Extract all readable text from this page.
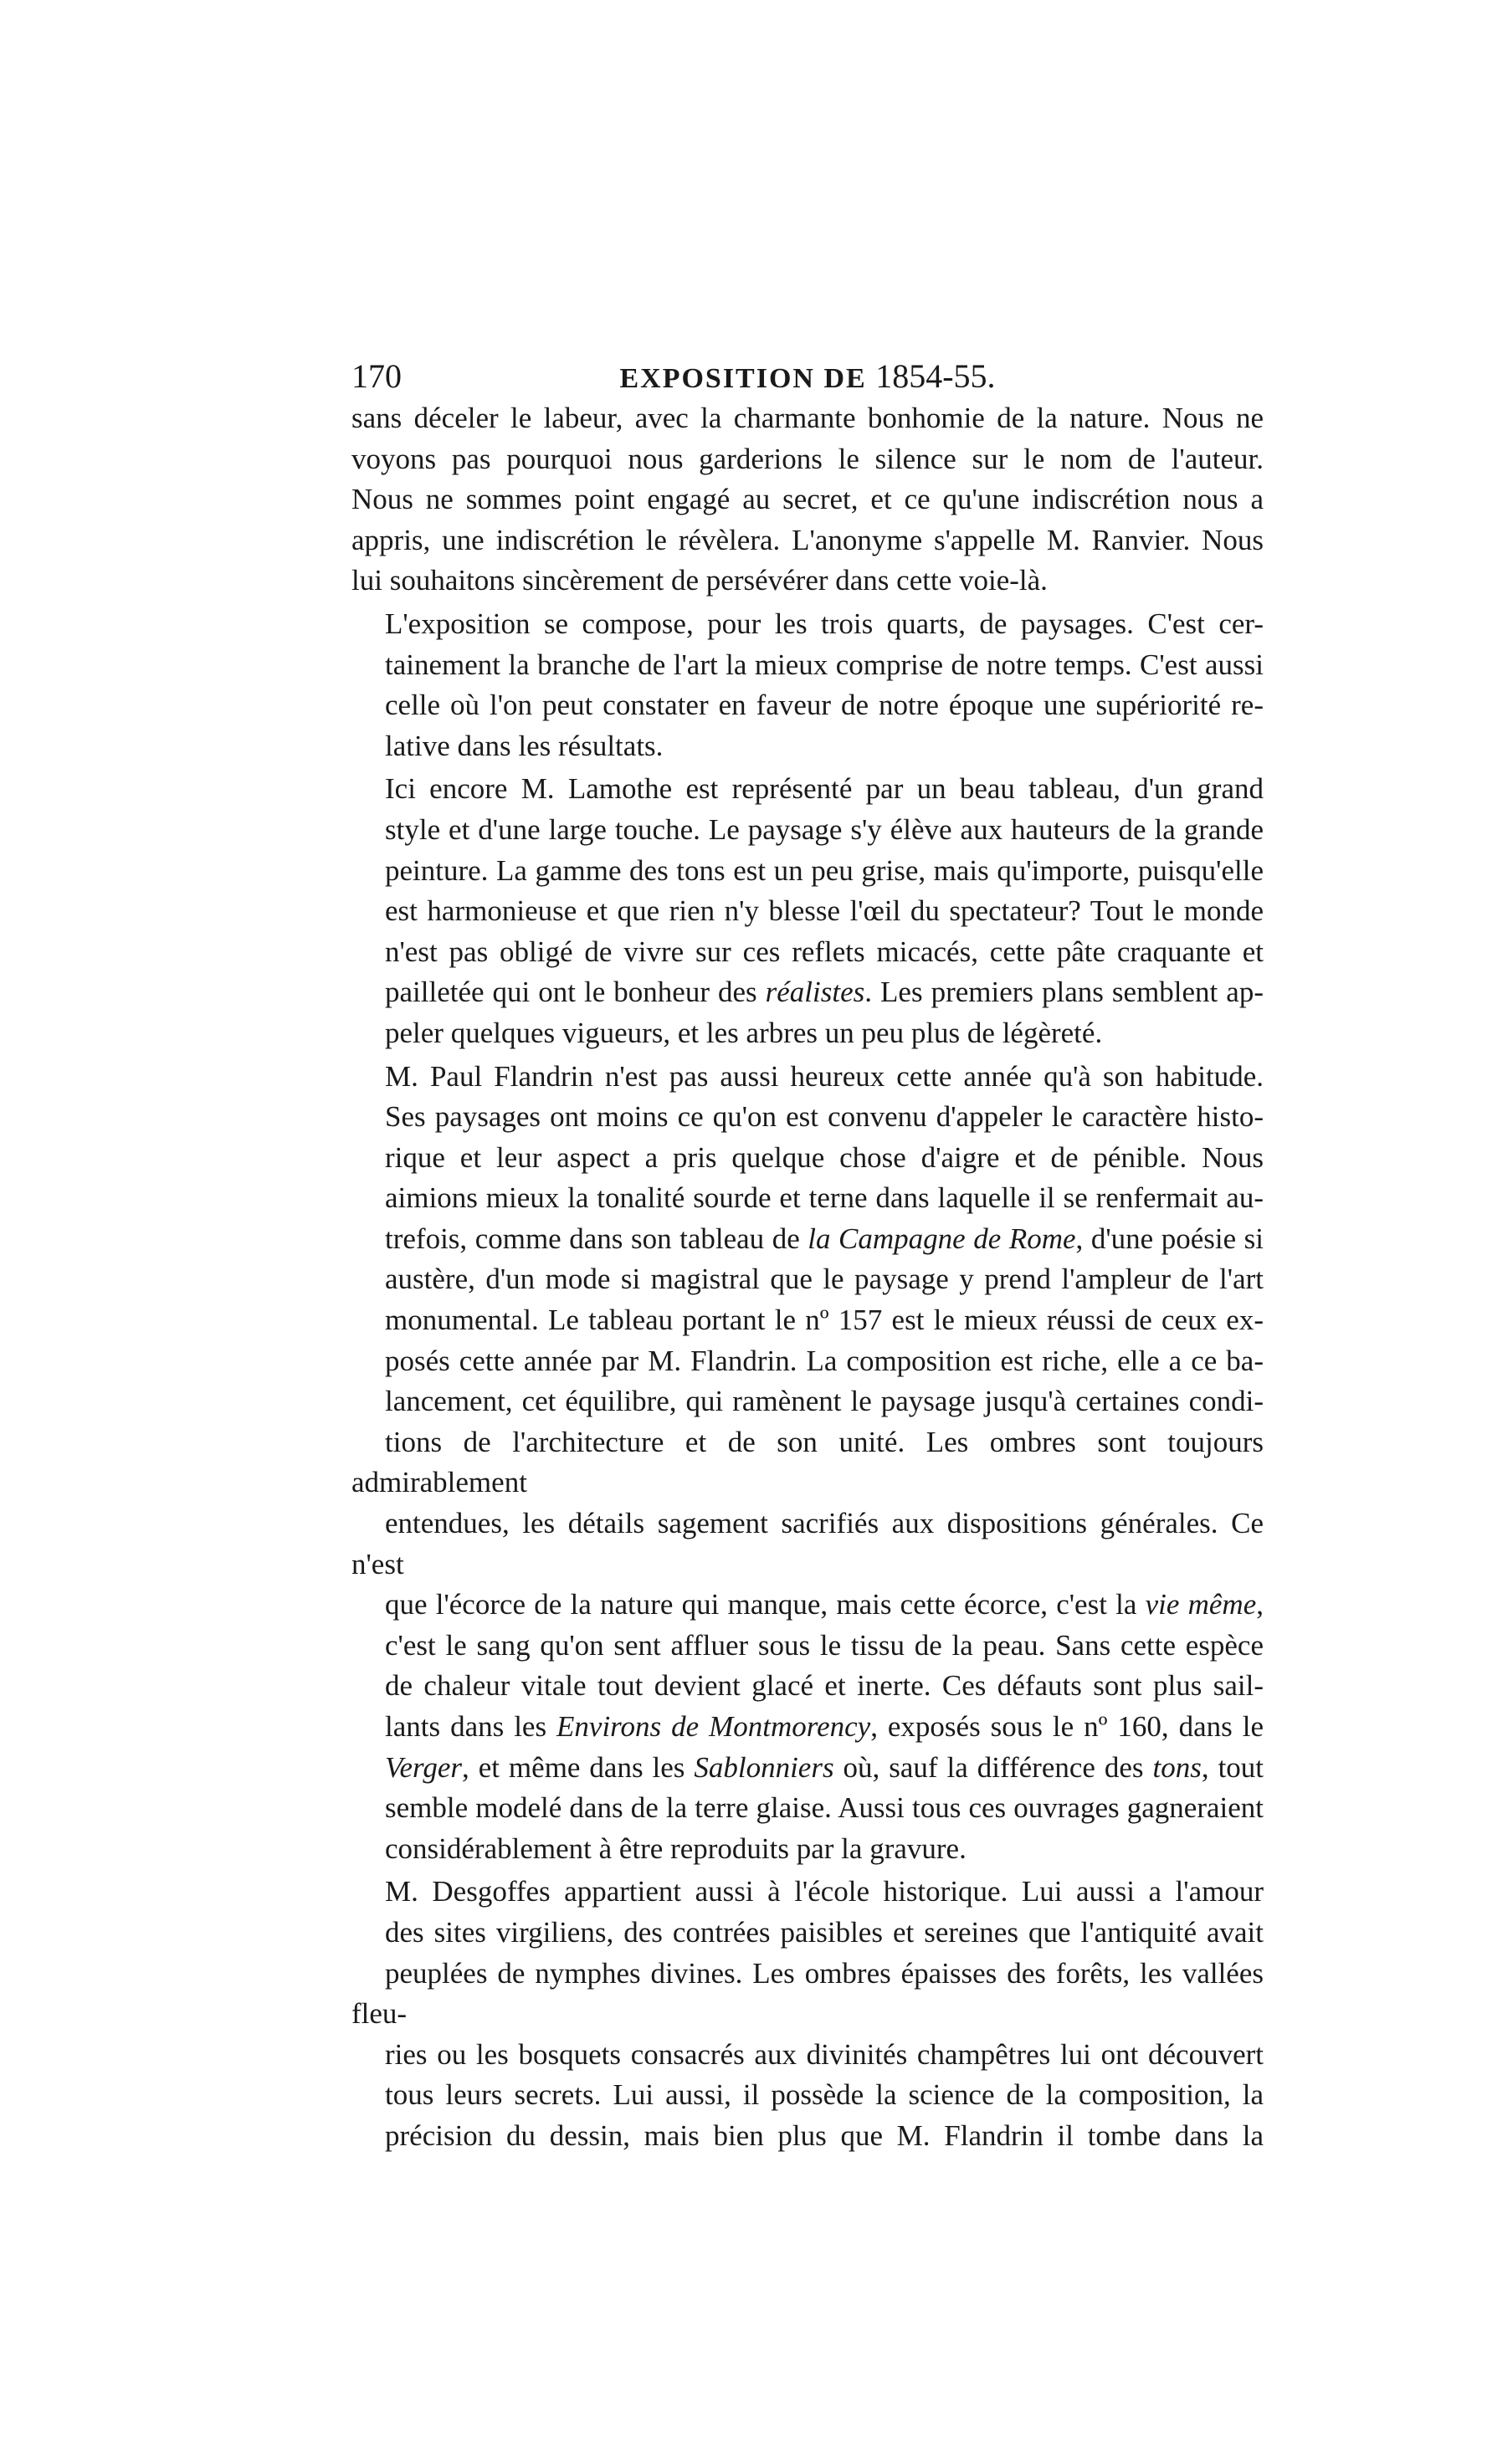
170	EXPOSITION DE 1854-55.

sans déceler le labeur, avec la charmante bonhomie de la nature. Nous ne
voyons pas pourquoi nous garderions le silence sur le nom de l'auteur.
Nous ne sommes point engagé au secret, et ce qu'une indiscrétion nous a
appris, une indiscrétion le révèlera. L'anonyme s'appelle M. Ranvier. Nous
lui souhaitons sincèrement de persévérer dans cette voie-là.

L'exposition se compose, pour les trois quarts, de paysages. C'est cer-
tainement la branche de l'art la mieux comprise de notre temps. C'est aussi
celle où l'on peut constater en faveur de notre époque une supériorité re-
lative dans les résultats.

Ici encore M. Lamothe est représenté par un beau tableau, d'un grand
style et d'une large touche. Le paysage s'y élève aux hauteurs de la grande
peinture. La gamme des tons est un peu grise, mais qu'importe, puisqu'elle
est harmonieuse et que rien n'y blesse l'œil du spectateur? Tout le monde
n'est pas obligé de vivre sur ces reflets micacés, cette pâte craquante et
pailletée qui ont le bonheur des réalistes. Les premiers plans semblent ap-
peler quelques vigueurs, et les arbres un peu plus de légèreté.

M. Paul Flandrin n'est pas aussi heureux cette année qu'à son habitude.
Ses paysages ont moins ce qu'on est convenu d'appeler le caractère histo-
rique et leur aspect a pris quelque chose d'aigre et de pénible. Nous
aimions mieux la tonalité sourde et terne dans laquelle il se renfermait au-
trefois, comme dans son tableau de la Campagne de Rome, d'une poésie si
austère, d'un mode si magistral que le paysage y prend l'ampleur de l'art
monumental. Le tableau portant le nº 157 est le mieux réussi de ceux ex-
posés cette année par M. Flandrin. La composition est riche, elle a ce ba-
lancement, cet équilibre, qui ramènent le paysage jusqu'à certaines condi-
tions de l'architecture et de son unité. Les ombres sont toujours admirablement
entendues, les détails sagement sacrifiés aux dispositions générales. Ce n'est
que l'écorce de la nature qui manque, mais cette écorce, c'est la vie même,
c'est le sang qu'on sent affluer sous le tissu de la peau. Sans cette espèce
de chaleur vitale tout devient glacé et inerte. Ces défauts sont plus sail-
lants dans les Environs de Montmorency, exposés sous le nº 160, dans le
Verger, et même dans les Sablonniers où, sauf la différence des tons, tout
semble modelé dans de la terre glaise. Aussi tous ces ouvrages gagneraient
considérablement à être reproduits par la gravure.

M. Desgoffes appartient aussi à l'école historique. Lui aussi a l'amour
des sites virgiliens, des contrées paisibles et sereines que l'antiquité avait
peuplées de nymphes divines. Les ombres épaisses des forêts, les vallées fleu-
ries ou les bosquets consacrés aux divinités champêtres lui ont découvert
tous leurs secrets. Lui aussi, il possède la science de la composition, la
précision du dessin, mais bien plus que M. Flandrin il tombe dans la
